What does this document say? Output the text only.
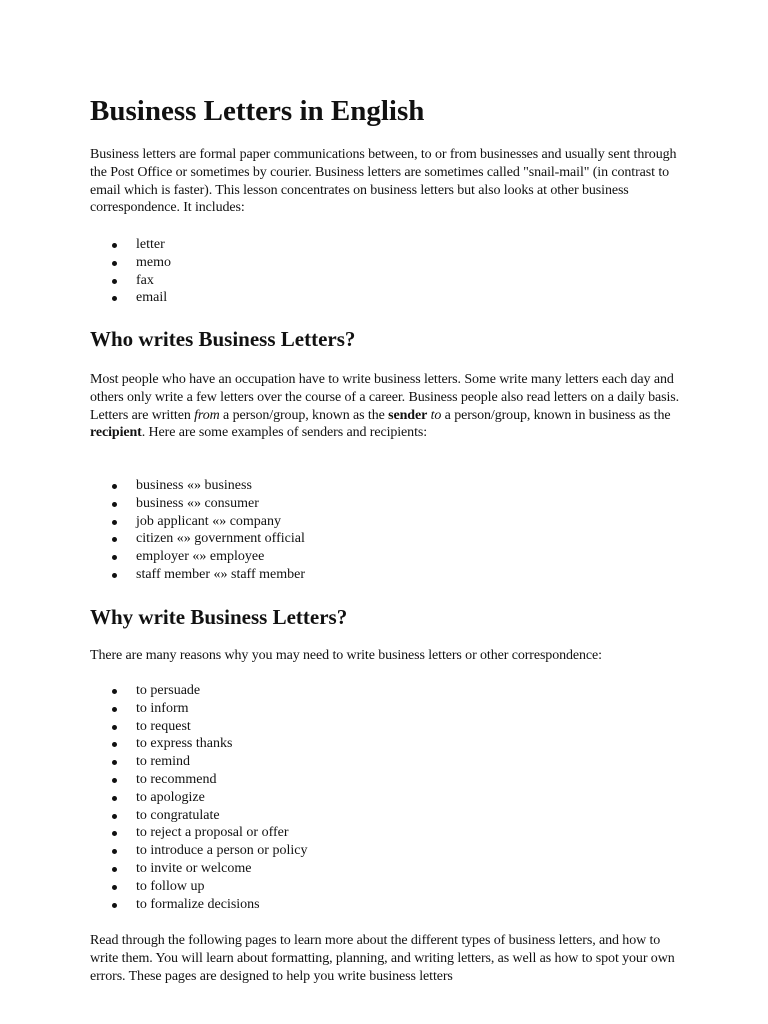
Business Letters in English

Business letters are formal paper communications between, to or from businesses and usually sent through the Post Office or sometimes by courier. Business letters are sometimes called "snail-mail" (in contrast to email which is faster). This lesson concentrates on business letters but also looks at other business correspondence. It includes:

letter
memo
fax
email
Who writes Business Letters?

Most people who have an occupation have to write business letters. Some write many letters each day and others only write a few letters over the course of a career. Business people also read letters on a daily basis. Letters are written from a person/group, known as the sender to a person/group, known in business as the recipient. Here are some examples of senders and recipients:

business «» business
business «» consumer
job applicant «» company
citizen «» government official
employer «» employee
staff member «» staff member
Why write Business Letters?

There are many reasons why you may need to write business letters or other correspondence:

to persuade
to inform
to request
to express thanks
to remind
to recommend
to apologize
to congratulate
to reject a proposal or offer
to introduce a person or policy
to invite or welcome
to follow up
to formalize decisions

Read through the following pages to learn more about the different types of business letters, and how to write them. You will learn about formatting, planning, and writing letters, as well as how to spot your own errors. These pages are designed to help you write business letters
